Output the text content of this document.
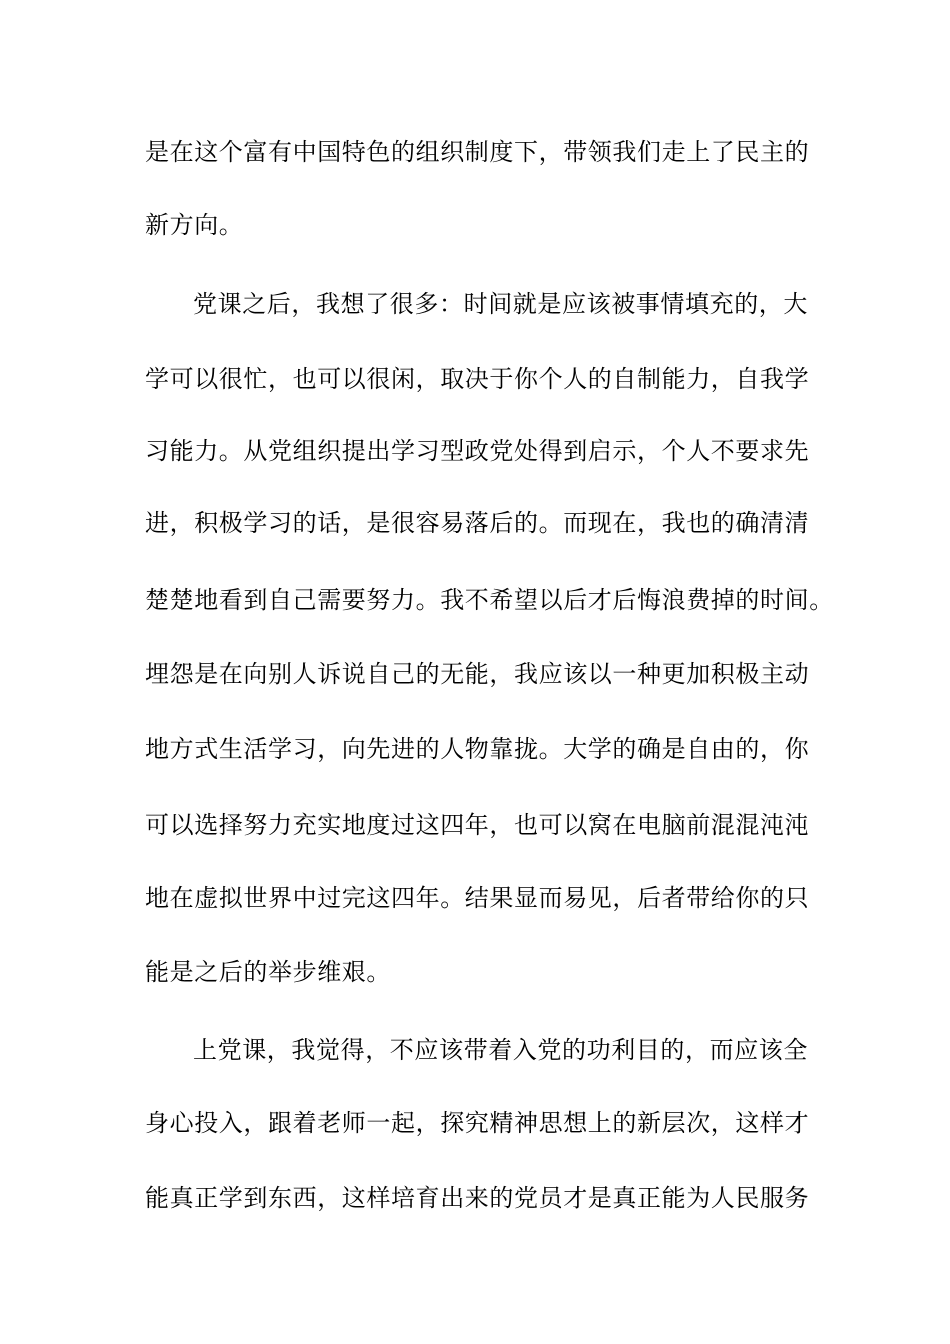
是在这个富有中国特色的组织制度下，带领我们走上了民主的
新方向。
党课之后，我想了很多：时间就是应该被事情填充的，大
学可以很忙，也可以很闲，取决于你个人的自制能力，自我学
习能力。从党组织提出学习型政党处得到启示，个人不要求先
进，积极学习的话，是很容易落后的。而现在，我也的确清清
楚楚地看到自己需要努力。我不希望以后才后悔浪费掉的时间。
埋怨是在向别人诉说自己的无能，我应该以一种更加积极主动
地方式生活学习，向先进的人物靠拢。大学的确是自由的，你
可以选择努力充实地度过这四年，也可以窝在电脑前混混沌沌
地在虚拟世界中过完这四年。结果显而易见，后者带给你的只
能是之后的举步维艰。
上党课，我觉得，不应该带着入党的功利目的，而应该全
身心投入，跟着老师一起，探究精神思想上的新层次，这样才
能真正学到东西，这样培育出来的党员才是真正能为人民服务
